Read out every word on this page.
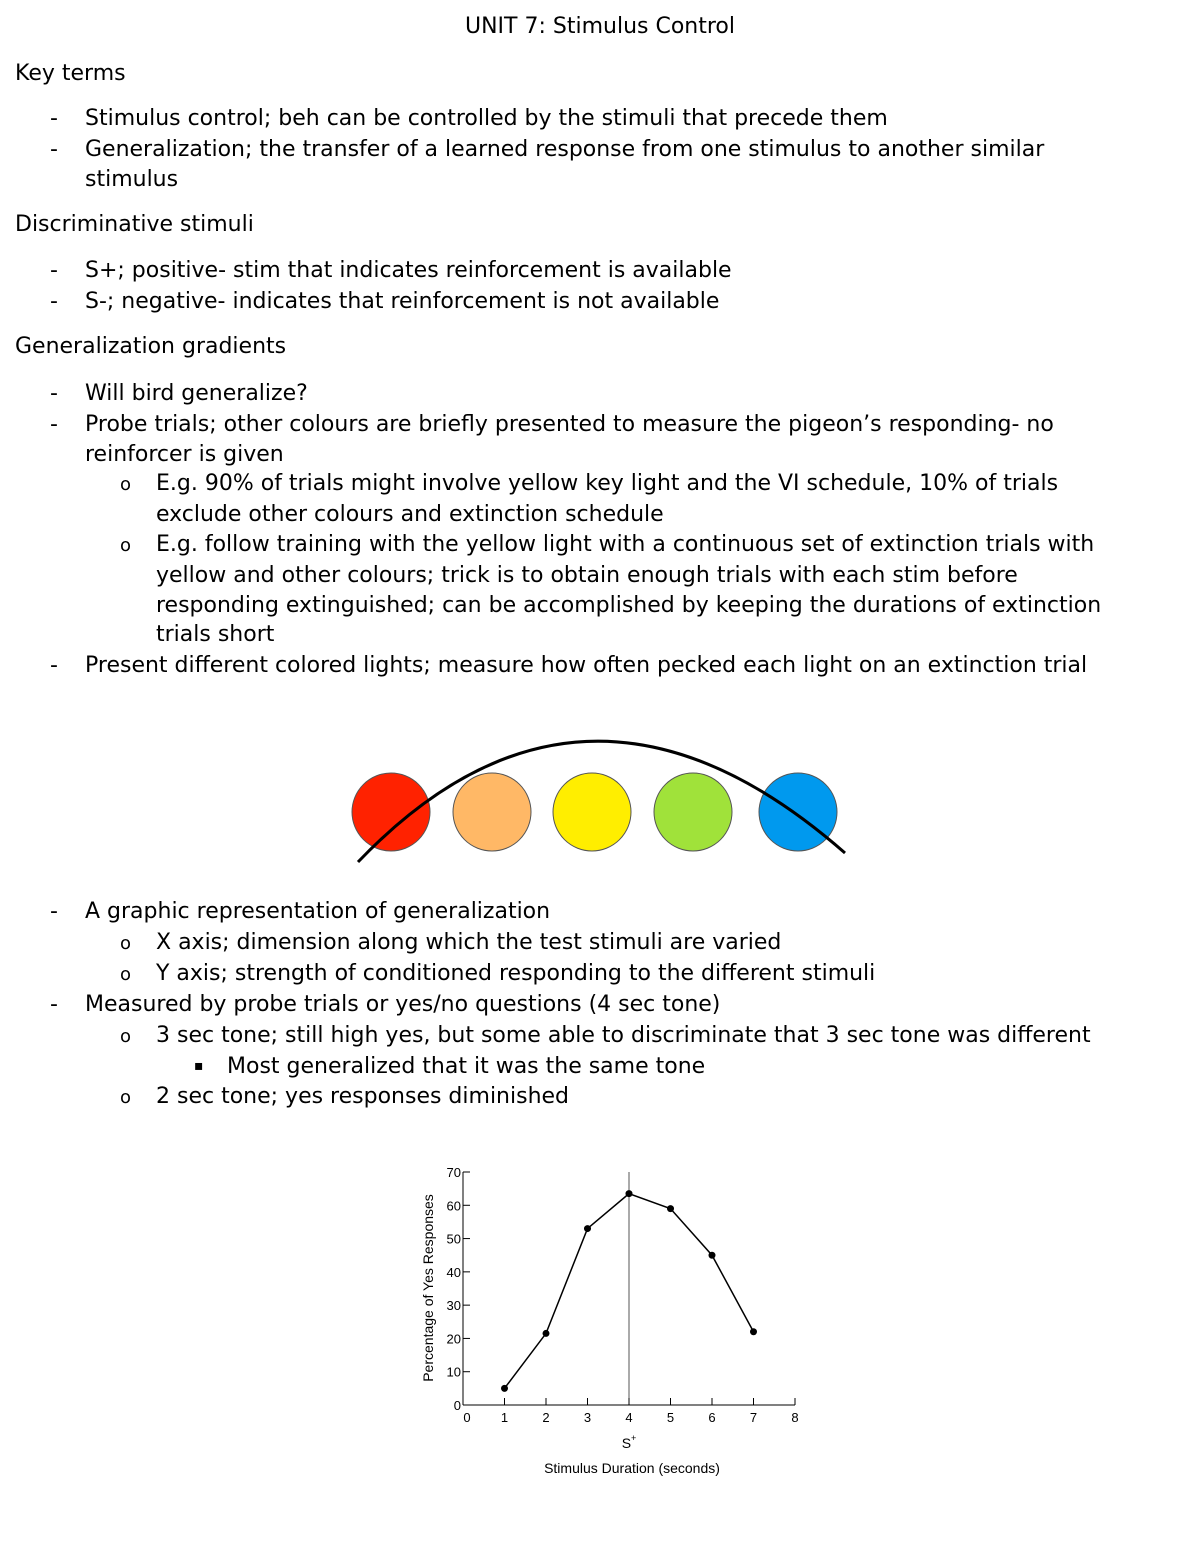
UNIT 7: Stimulus Control
Key terms
- Stimulus control; beh can be controlled by the stimuli that precede them
- Generalization; the transfer of a learned response from one stimulus to another similar
stimulus
Discriminative stimuli
- S+; positive- stim that indicates reinforcement is available
- S-; negative- indicates that reinforcement is not available
Generalization gradients
- Will bird generalize?
- Probe trials; other colours are briefly presented to measure the pigeon’s responding- no
reinforcer is given
o E.g. 90% of trials might involve yellow key light and the VI schedule, 10% of trials
exclude other colours and extinction schedule
o E.g. follow training with the yellow light with a continuous set of extinction trials with
yellow and other colours; trick is to obtain enough trials with each stim before
responding extinguished; can be accomplished by keeping the durations of extinction
trials short
- Present different colored lights; measure how often pecked each light on an extinction trial
- A graphic representation of generalization
o X axis; dimension along which the test stimuli are varied
o Y axis; strength of conditioned responding to the different stimuli
- Measured by probe trials or yes/no questions (4 sec tone)
o 3 sec tone; still high yes, but some able to discriminate that 3 sec tone was different
▪ Most generalized that it was the same tone
o 2 sec tone; yes responses diminished
0
10
20
30
40
50
60
70
0 1	2	3	4	5	6	7	8
Percentage of Yes Responses
S+
Stimulus Duration (seconds)
